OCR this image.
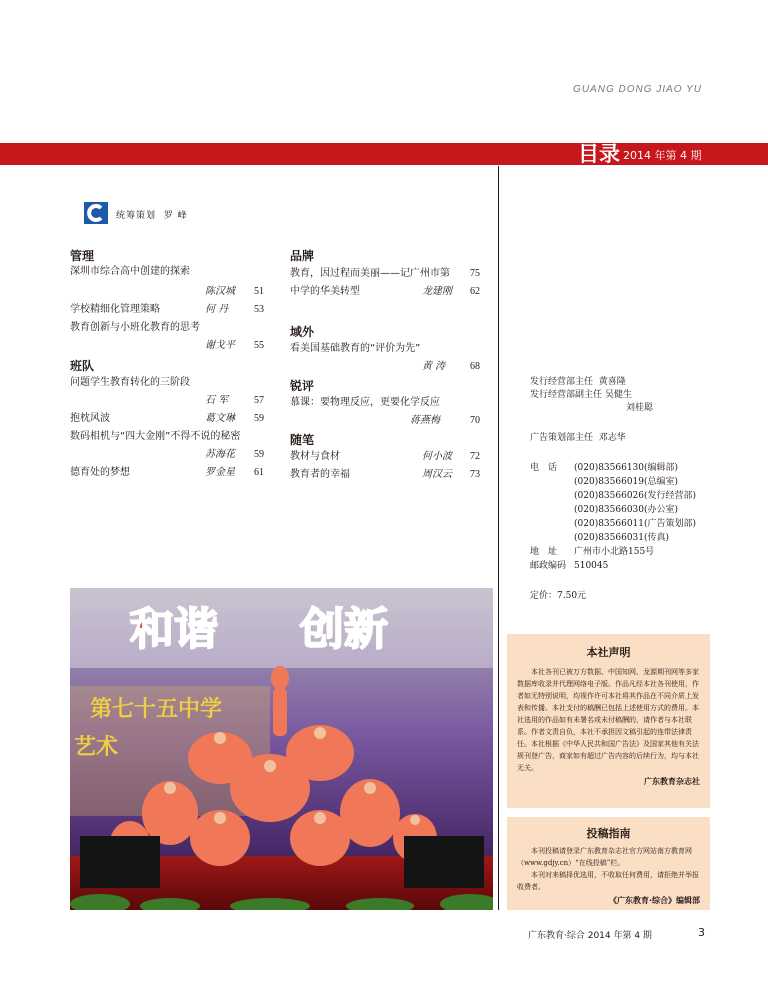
GUANG DONG JIAO YU
目录 2014 年第 4 期
统筹策划 罗 峰
管理
深圳市综合高中创建的探索
陈汉城 51
学校精细化管理策略	何 丹	53
教育创新与小班化教育的思考
谢戈平 55
班队
问题学生教育转化的三阶段
石 军	57
抱枕风波	葛文琳 59
数码相机与“四大金刚”不得不说的秘密
苏海花 59
德育处的梦想	罗金星 61
品牌
教育，因过程而美丽——记广州市第 75
中学的华美转型	龙建刚 62
域外
看美国基础教育的“评价为先”
黄 涛 68
锐评
慕课：要物理反应，更要化学反应
蒋燕梅	70
随笔
教材与食材	何小波 72
教育者的幸福	周汉云 73
发行经营部主任 黄喜隆
发行经营部副主任 吴健生
刘桂聪
广告策划部主任 邓志华
电　话 (020)83566130(编辑部)
(020)83566019(总编室)
(020)83566026(发行经营部)
(020)83566030(办公室)
(020)83566011(广告策划部)
(020)83566031(传真)
地　址 广州市小北路155号
邮政编码 510045
定价：7.50元
和谐 创新
第七十五中学
艺术
本社声明
本社各刊已被万方数据、中国知网、龙源期刊网等多家数据库收录并代理网络电子版。作品凡经本社各刊使用，作者如无特别说明，均视作许可本社将其作品在不同介质上发表和传播。本社支付的稿酬已包括上述使用方式的费用。本社选用的作品如有未署名或未付稿酬的，请作者与本社联系。作者文责自负，本社不承担因文稿引起的连带法律责任。本社根据《中华人民共和国广告法》及国家其他有关法规刊登广告，商家如有超过广告内容的后续行为，均与本社无关。
广东教育杂志社
投稿指南
本刊投稿请登录广东教育杂志社官方网站南方教育网（www.gdjy.cn）“在线投稿”栏。
本刊对来稿择优选用，不收取任何费用，请拒绝并举报收费者。
《广东教育·综合》编辑部
广东教育·综合 2014 年第 4 期	3
